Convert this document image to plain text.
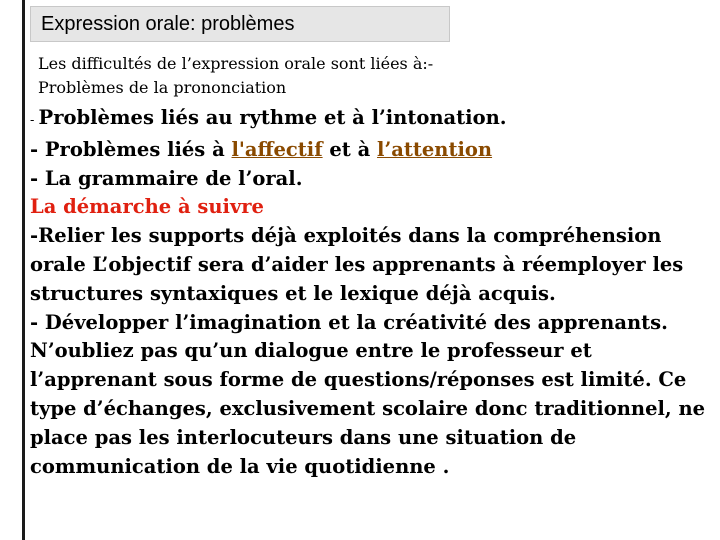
Expression orale: problèmes
Les difficultés de l’expression orale sont liées à:-
Problèmes de la prononciation
- Problèmes liés au rythme et à l’intonation.
- Problèmes liés à l'affectif et à l’attention
- La grammaire de l’oral.
La démarche à suivre
-Relier les supports déjà exploités dans la compréhension orale L’objectif sera d’aider les apprenants à réemployer les structures syntaxiques et le lexique déjà acquis.
- Développer l’imagination et la créativité des apprenants. N’oubliez pas qu’un dialogue entre le professeur et l’apprenant sous forme de questions/réponses est limité. Ce type d’échanges, exclusivement scolaire donc traditionnel, ne place pas les interlocuteurs dans une situation de communication de la vie quotidienne .
